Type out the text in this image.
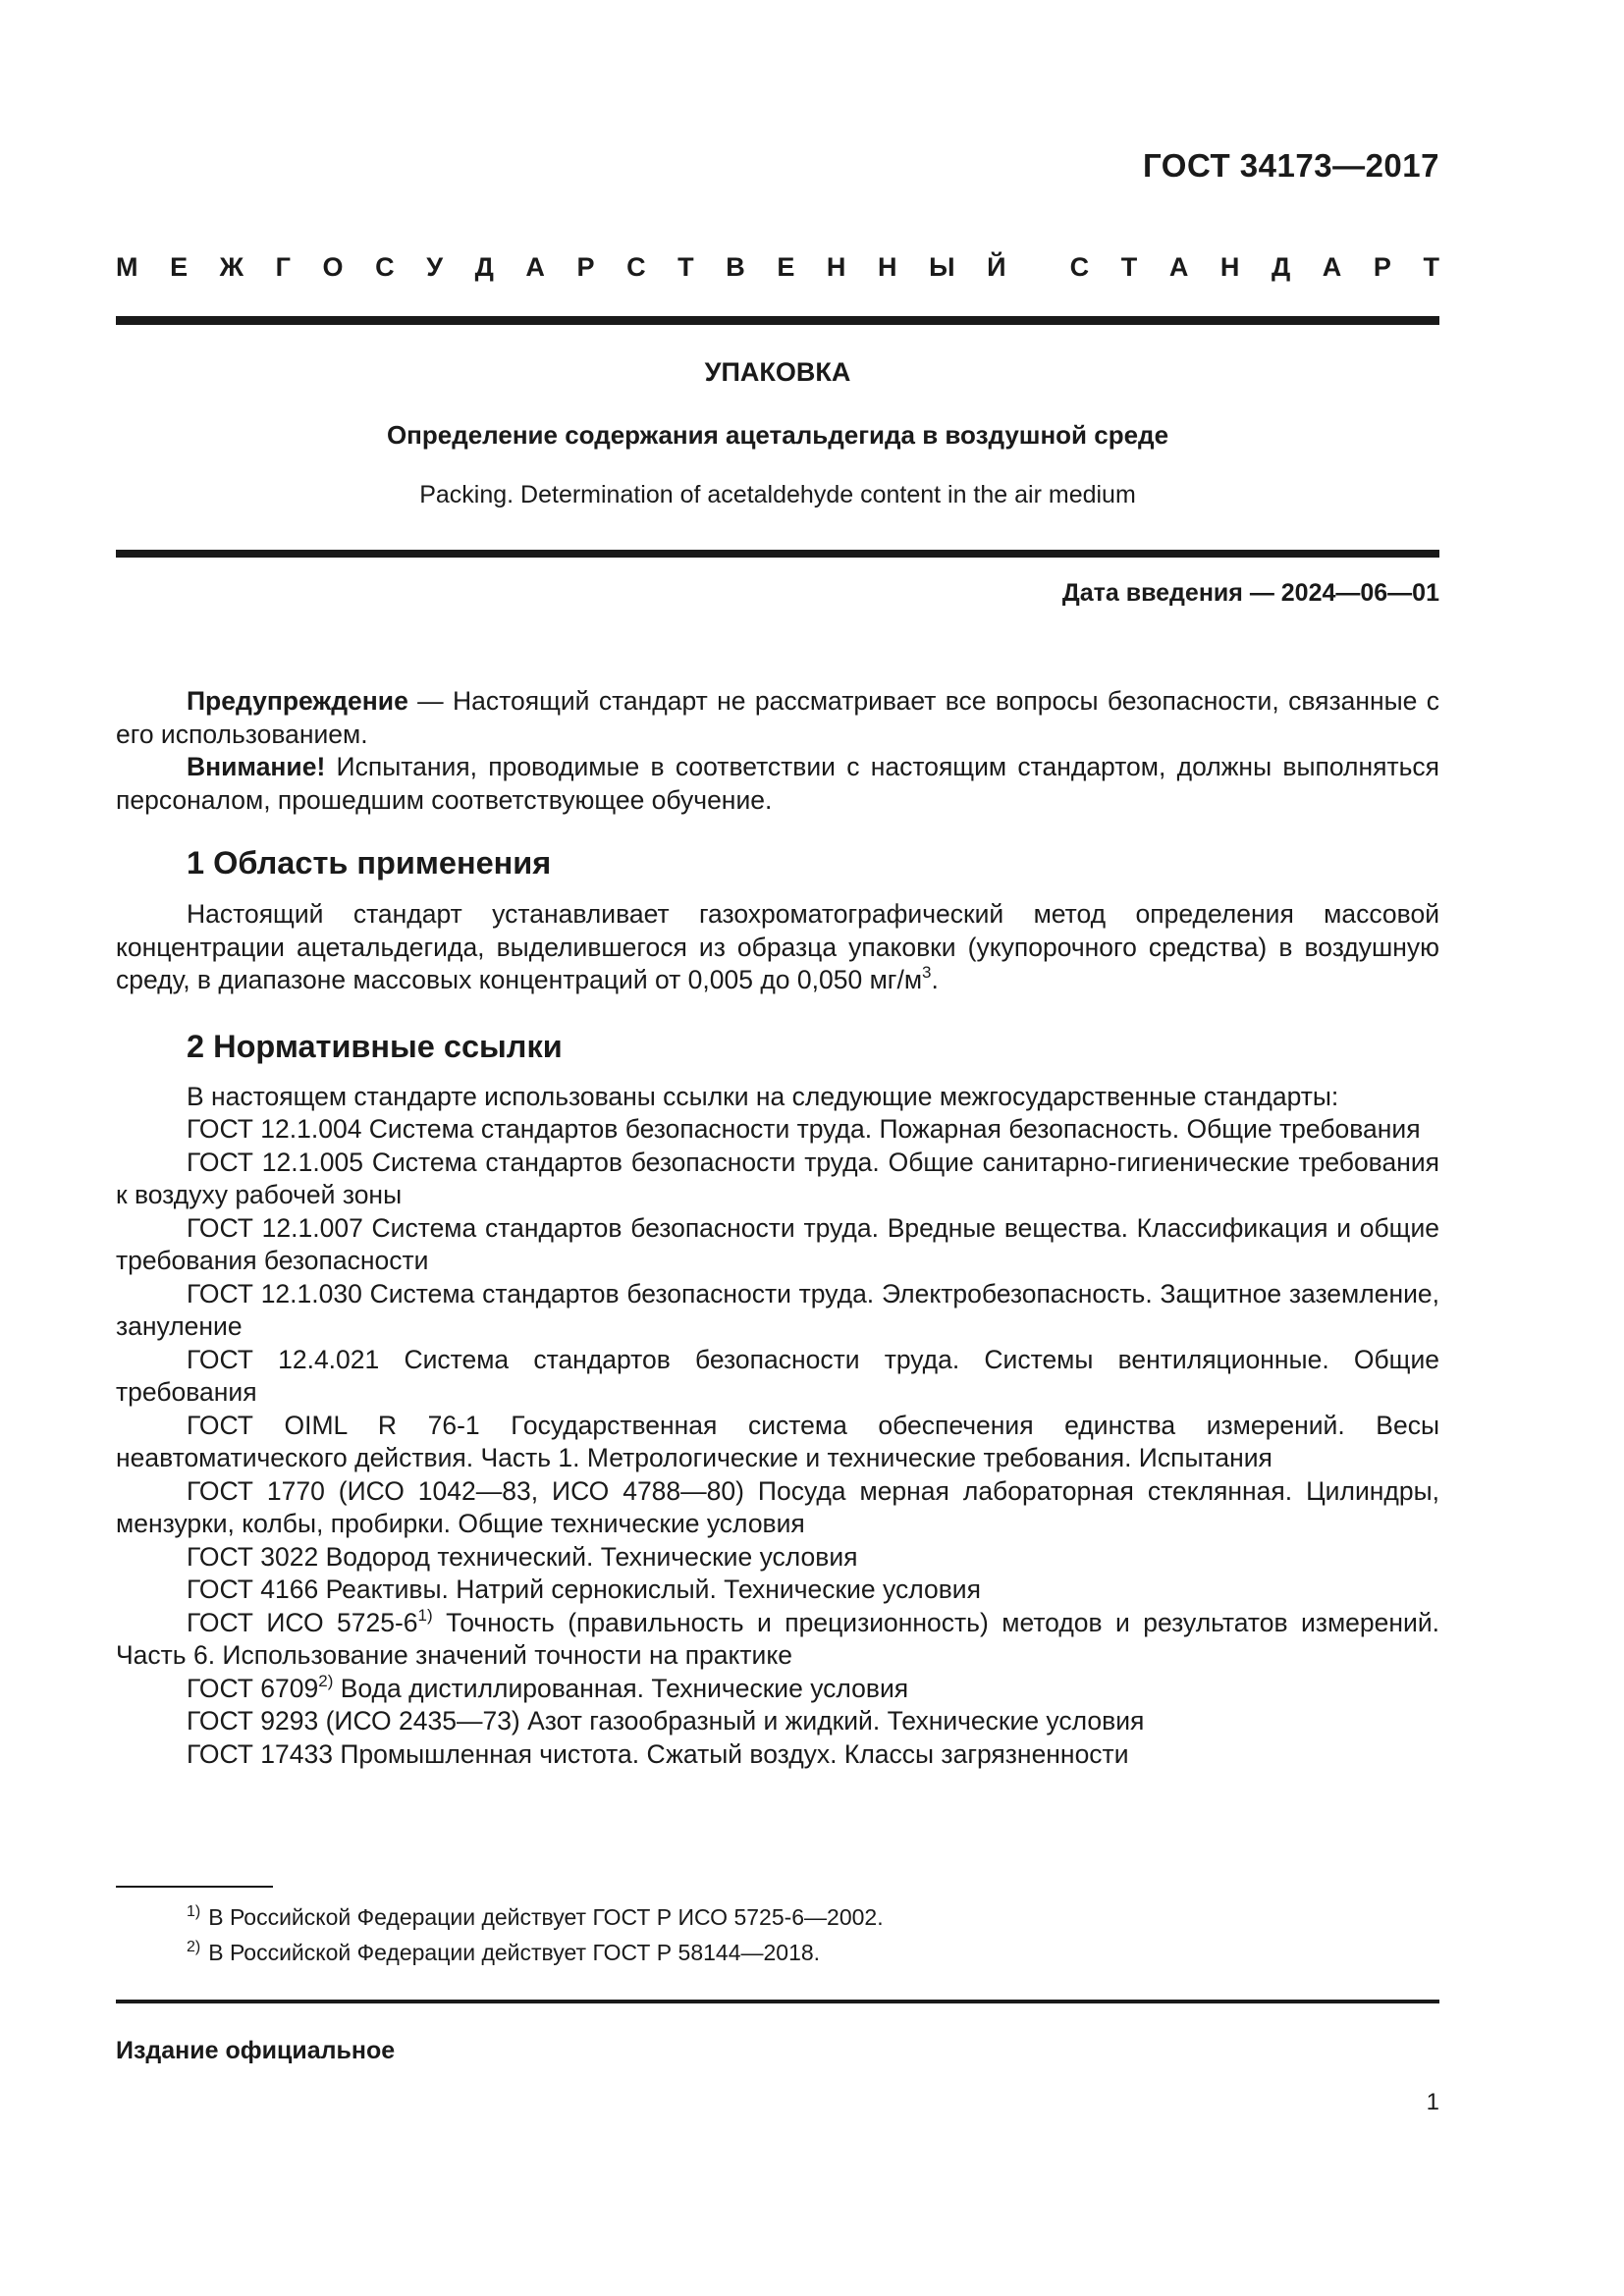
ГОСТ 34173—2017
М Е Ж Г О С У Д А Р С Т В Е Н Н Ы Й С Т А Н Д А Р Т
УПАКОВКА
Определение содержания ацетальдегида в воздушной среде
Packing. Determination of acetaldehyde content in the air medium
Дата введения — 2024—06—01

Предупреждение — Настоящий стандарт не рассматривает все вопросы безопасности, связанные с его использованием.

Внимание! Испытания, проводимые в соответствии с настоящим стандартом, должны выполняться персоналом, прошедшим соответствующее обучение.

1 Область применения

Настоящий стандарт устанавливает газохроматографический метод определения массовой концентрации ацетальдегида, выделившегося из образца упаковки (укупорочного средства) в воздушную среду, в диапазоне массовых концентраций от 0,005 до 0,050 $мг/м^3$.

2 Нормативные ссылки

В настоящем стандарте использованы ссылки на следующие межгосударственные стандарты:

ГОСТ 12.1.004 Система стандартов безопасности труда. Пожарная безопасность. Общие требования

ГОСТ 12.1.005 Система стандартов безопасности труда. Общие санитарно-гигиенические требования к воздуху рабочей зоны

ГОСТ 12.1.007 Система стандартов безопасности труда. Вредные вещества. Классификация и общие требования безопасности

ГОСТ 12.1.030 Система стандартов безопасности труда. Электробезопасность. Защитное заземление, зануление

ГОСТ 12.4.021 Система стандартов безопасности труда. Системы вентиляционные. Общие требования

ГОСТ OIML R 76-1 Государственная система обеспечения единства измерений. Весы неавтоматического действия. Часть 1. Метрологические и технические требования. Испытания

ГОСТ 1770 (ИСО 1042—83, ИСО 4788—80) Посуда мерная лабораторная стеклянная. Цилиндры, мензурки, колбы, пробирки. Общие технические условия

ГОСТ 3022 Водород технический. Технические условия

ГОСТ 4166 Реактивы. Натрий сернокислый. Технические условия

ГОСТ ИСО 5725-6$^{1)}$ Точность (правильность и прецизионность) методов и результатов измерений. Часть 6. Использование значений точности на практике

ГОСТ 6709$^{2)}$ Вода дистиллированная. Технические условия

ГОСТ 9293 (ИСО 2435—73) Азот газообразный и жидкий. Технические условия

ГОСТ 17433 Промышленная чистота. Сжатый воздух. Классы загрязненности

$^{1)}$ В Российской Федерации действует ГОСТ Р ИСО 5725-6—2002.
$^{2)}$ В Российской Федерации действует ГОСТ Р 58144—2018.
Издание официальное
1
